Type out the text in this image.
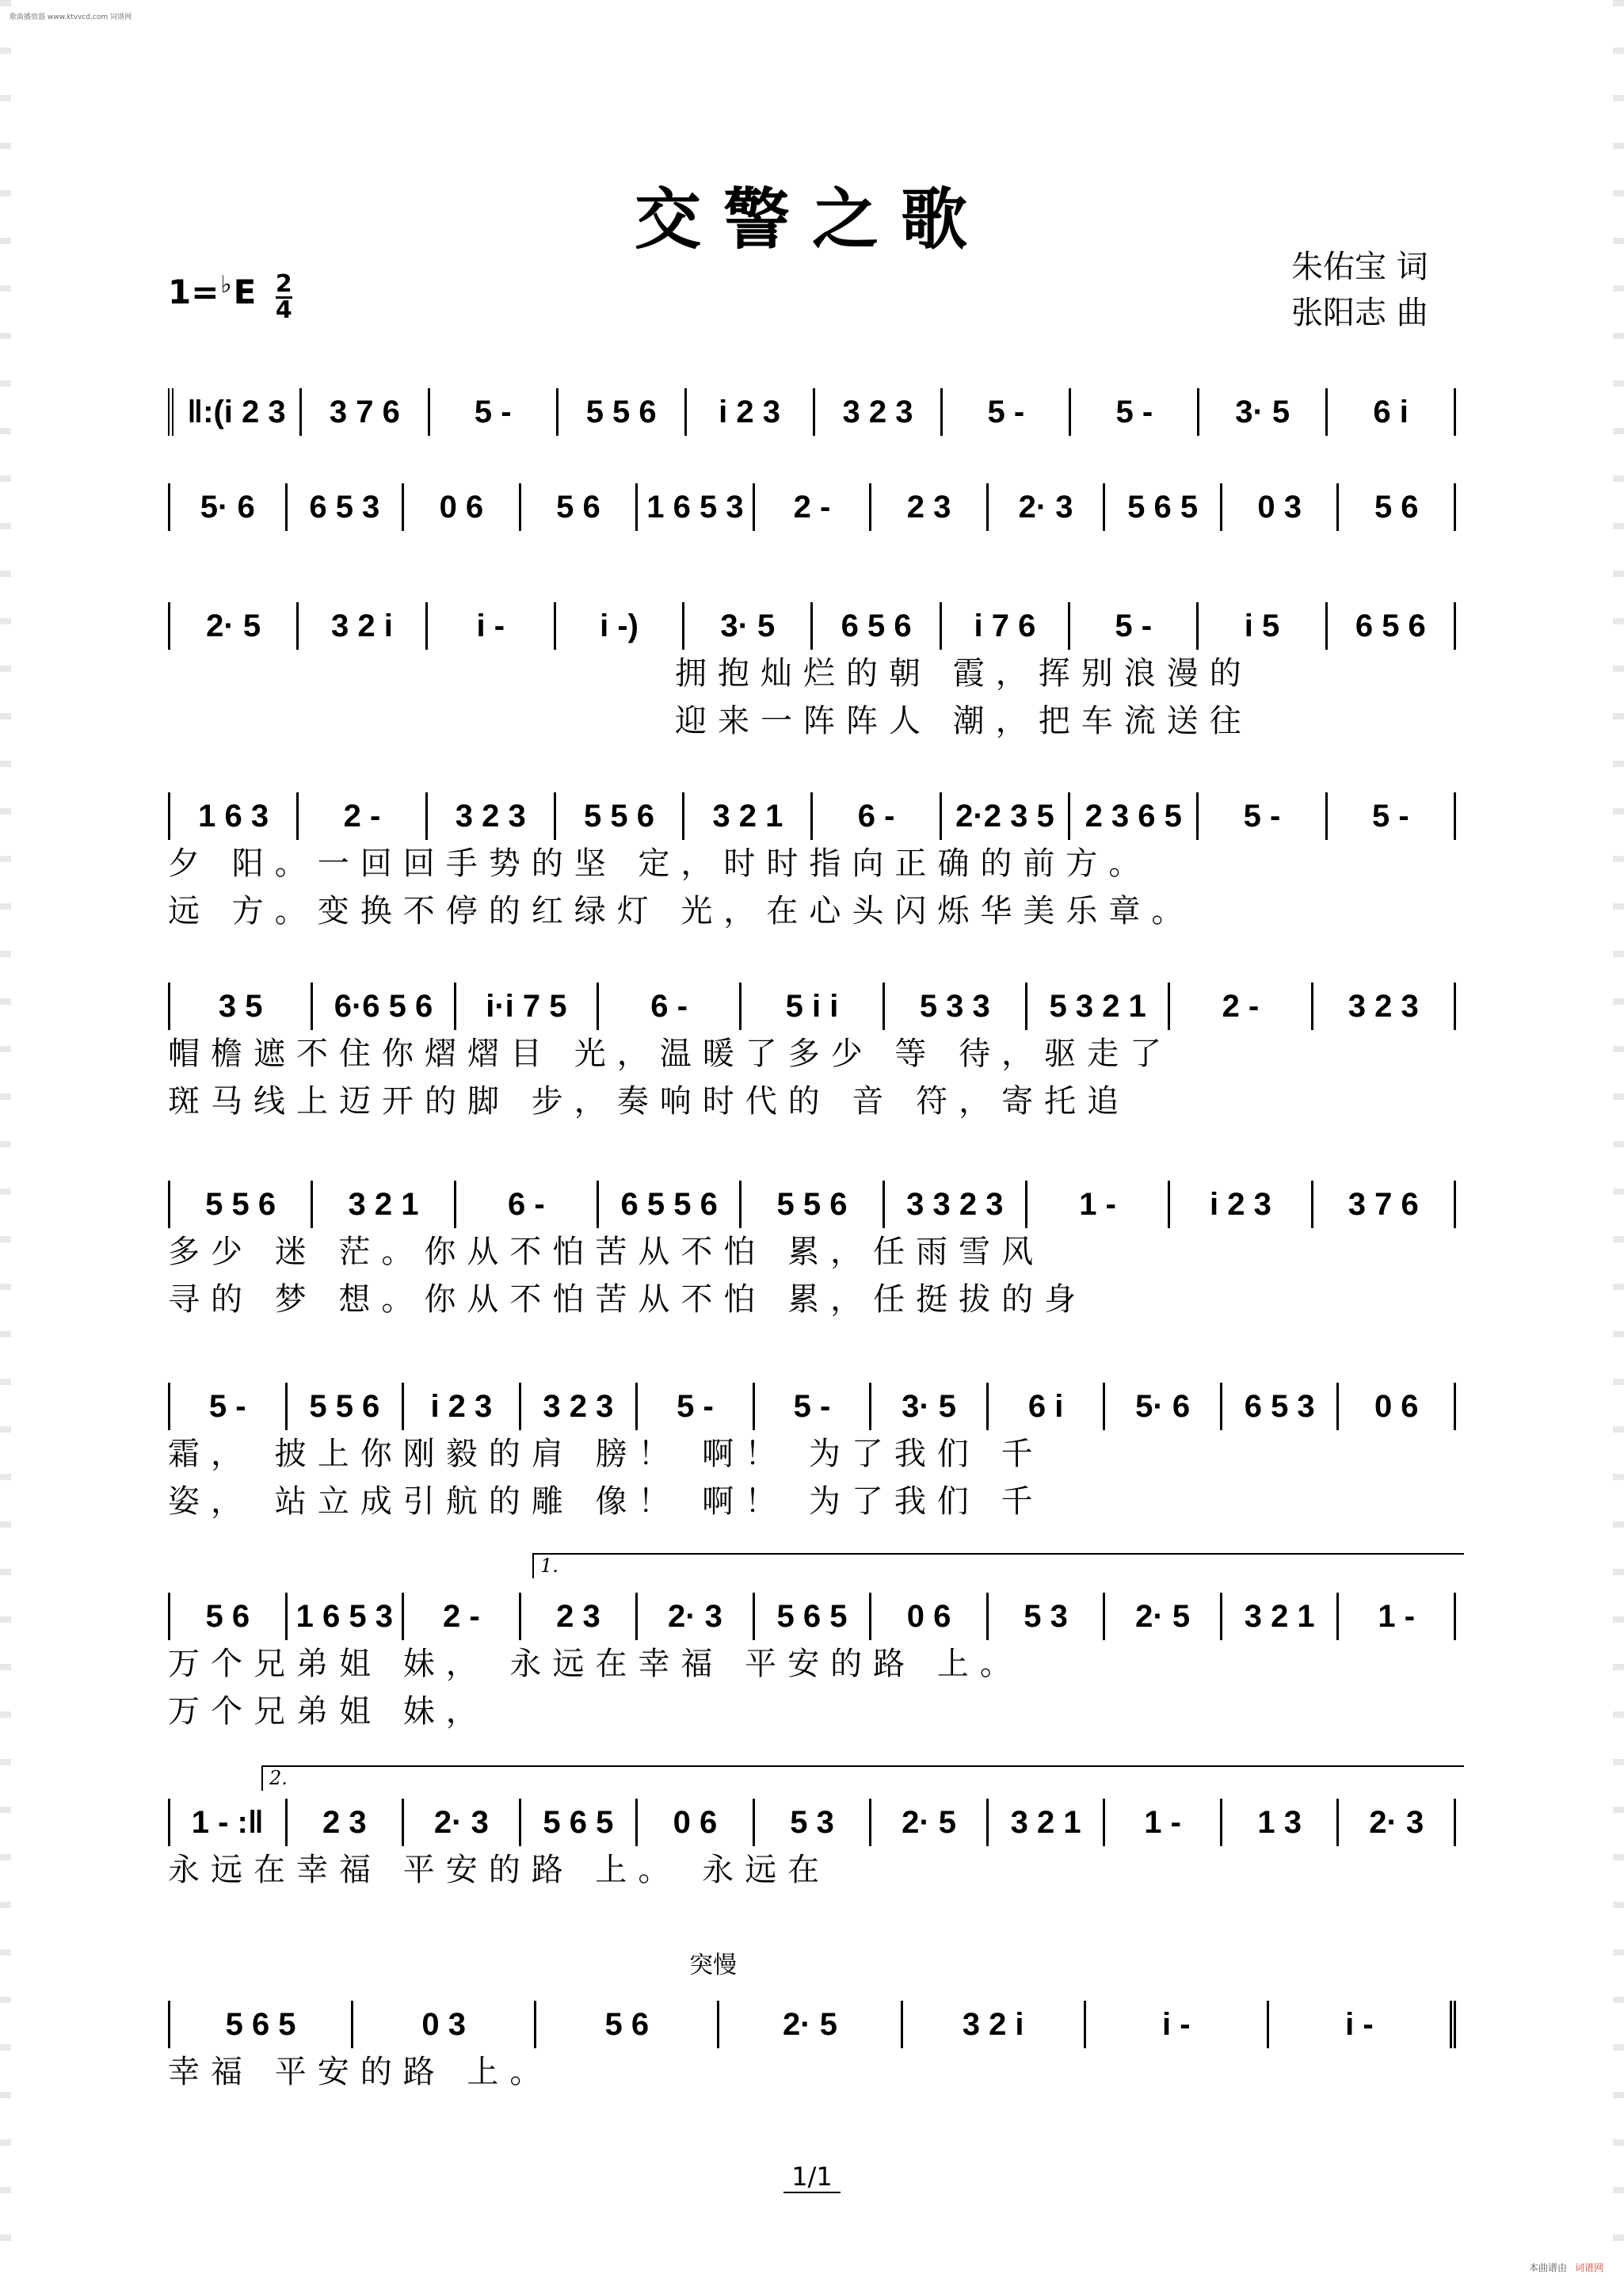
歌曲播放器 www.ktvvcd.com 词谱网
交警之歌
$1=^♭E \frac{2}{4}$
朱佑宝 词
张阳志 曲
‖:(i 2 3	3 7 6	5 -	5 5 6	i 2 3	3 2 3	5 -	5 -	3· 5	6 i
5· 6	6 5 3	0 6	5 6	1 6 5 3	2 -	2 3	2· 3	5 6 5	0 3	5 6
2· 5	3 2 i	i -	i -)	3· 5	6 5 6	i 7 6	5 -	i 5	6 5 6
拥抱灿烂的朝 霞，挥别浪漫的
迎来一阵阵人 潮，把车流送往
1 6 3	2 -	3 2 3	5 5 6	3 2 1	6 -	2·2 3 5 2 3 6 5	5 -	5 -
夕 阳。一回回手势的坚 定，时时指向正确的前方。
远 方。变换不停的红绿灯 光，在心头闪烁华美乐章。
3 5	6·6 5 6	i·i 7 5	6 -	5 i i	5 3 3	5 3 2 1	2 -	3 2 3
帽檐遮不住你熠熠目 光，温暖了多少 等 待，驱走了
斑马线上迈开的脚 步，奏响时代的 音 符，寄托追
5 5 6	3 2 1	6 -	6 5 5 6	5 5 6	3 3 2 3	1 -	i 2 3	3 7 6
多少 迷 茫。你从不怕苦从不怕 累，任雨雪风
寻的 梦 想。你从不怕苦从不怕 累，任挺拔的身
5 -	5 5 6	i 2 3	3 2 3	5 -	5 -	3· 5	6 i	5· 6	6 5 3	0 6
霜， 披上你刚毅的肩 膀！ 啊！ 为了我们 千
姿， 站立成引航的雕 像！ 啊！ 为了我们 千
5 6	1 6 5 3	2 -	2 3	2· 3	5 6 5	0 6	5 3	2· 5	3 2 1	1 -
万个兄弟姐 妹， 永远在幸福 平安的路 上。
万个兄弟姐 妹，
1 - :‖	2 3	2· 3	5 6 5	0 6	5 3	2· 5	3 2 1	1 -	1 3	2· 3
永远在幸福 平安的路 上。 永远在
5 6 5	0 3	5 6	2· 5	3 2 i	i -	i -
幸福 平安的路 上。
1.
2.
突慢
1/1
本曲谱由 词谱网
